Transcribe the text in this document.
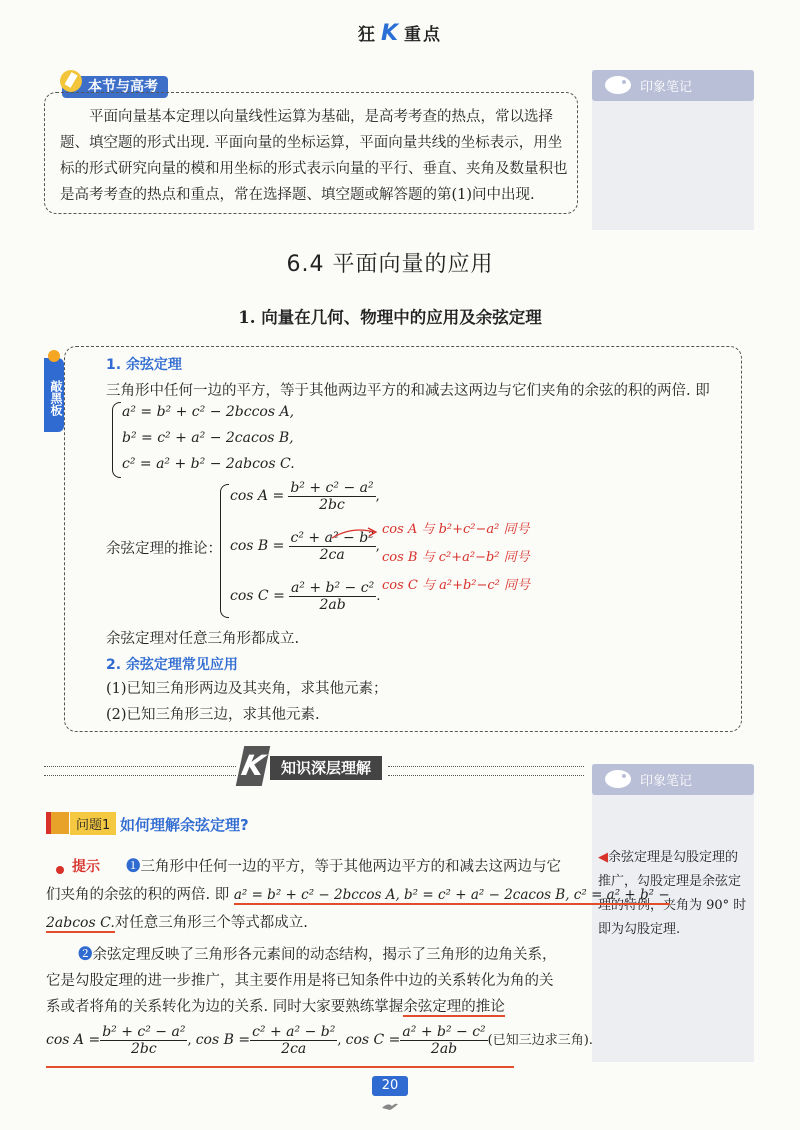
狂 K 重点
本节与高考
平面向量基本定理以向量线性运算为基础，是高考考查的热点，常以选择题、填空题的形式出现. 平面向量的坐标运算，平面向量共线的坐标表示，用坐标的形式研究向量的模和用坐标的形式表示向量的平行、垂直、夹角及数量积也是高考考查的热点和重点，常在选择题、填空题或解答题的第(1)问中出现.
印象笔记
6.4 平面向量的应用
1. 向量在几何、物理中的应用及余弦定理
敲黑板
1. 余弦定理
三角形中任何一边的平方，等于其他两边平方的和减去这两边与它们夹角的余弦的积的两倍. 即
a² = b² + c² − 2bccos A,
b² = c² + a² − 2cacos B,
c² = a² + b² − 2abcos C.
余弦定理的推论：
$\cos A = \frac{\text{b² + c² − a²}}{2bc}$ ,
$\cos B = \frac{\text{c² + a² − b²}}{2ca}$ ,
$\cos C = \frac{\text{a² + b² − c²}}{2ab}$ .
cos A 与 b²+c²−a² 同号
cos B 与 c²+a²−b² 同号
cos C 与 a²+b²−c² 同号
余弦定理对任意三角形都成立.
2. 余弦定理常见应用
(1)已知三角形两边及其夹角，求其他元素；
(2)已知三角形三边，求其他元素.
K 知识深层理解
印象笔记
◀余弦定理是勾股定理的推广，勾股定理是余弦定理的特例，夹角为 90° 时即为勾股定理.
问题1 如何理解余弦定理?
提示 ❶三角形中任何一边的平方，等于其他两边平方的和减去这两边与它
们夹角的余弦的积的两倍. 即 a² = b² + c² − 2bccos A, b² = c² + a² − 2cacos B, c² = a² + b² −
2abcos C.对任意三角形三个等式都成立.
❷余弦定理反映了三角形各元素间的动态结构，揭示了三角形的边角关系，
它是勾股定理的进一步推广，其主要作用是将已知条件中边的关系转化为角的关
系或者将角的关系转化为边的关系. 同时大家要熟练掌握余弦定理的推论
$\cos A = \frac{\text{b² + c² − a²}}{2bc}$ , $\cos B = \frac{\text{c² + a² − b²}}{2ca}$ , $\cos C = \frac{\text{a² + b² − c²}}{2ab}$ (已知三边求三角).
20
